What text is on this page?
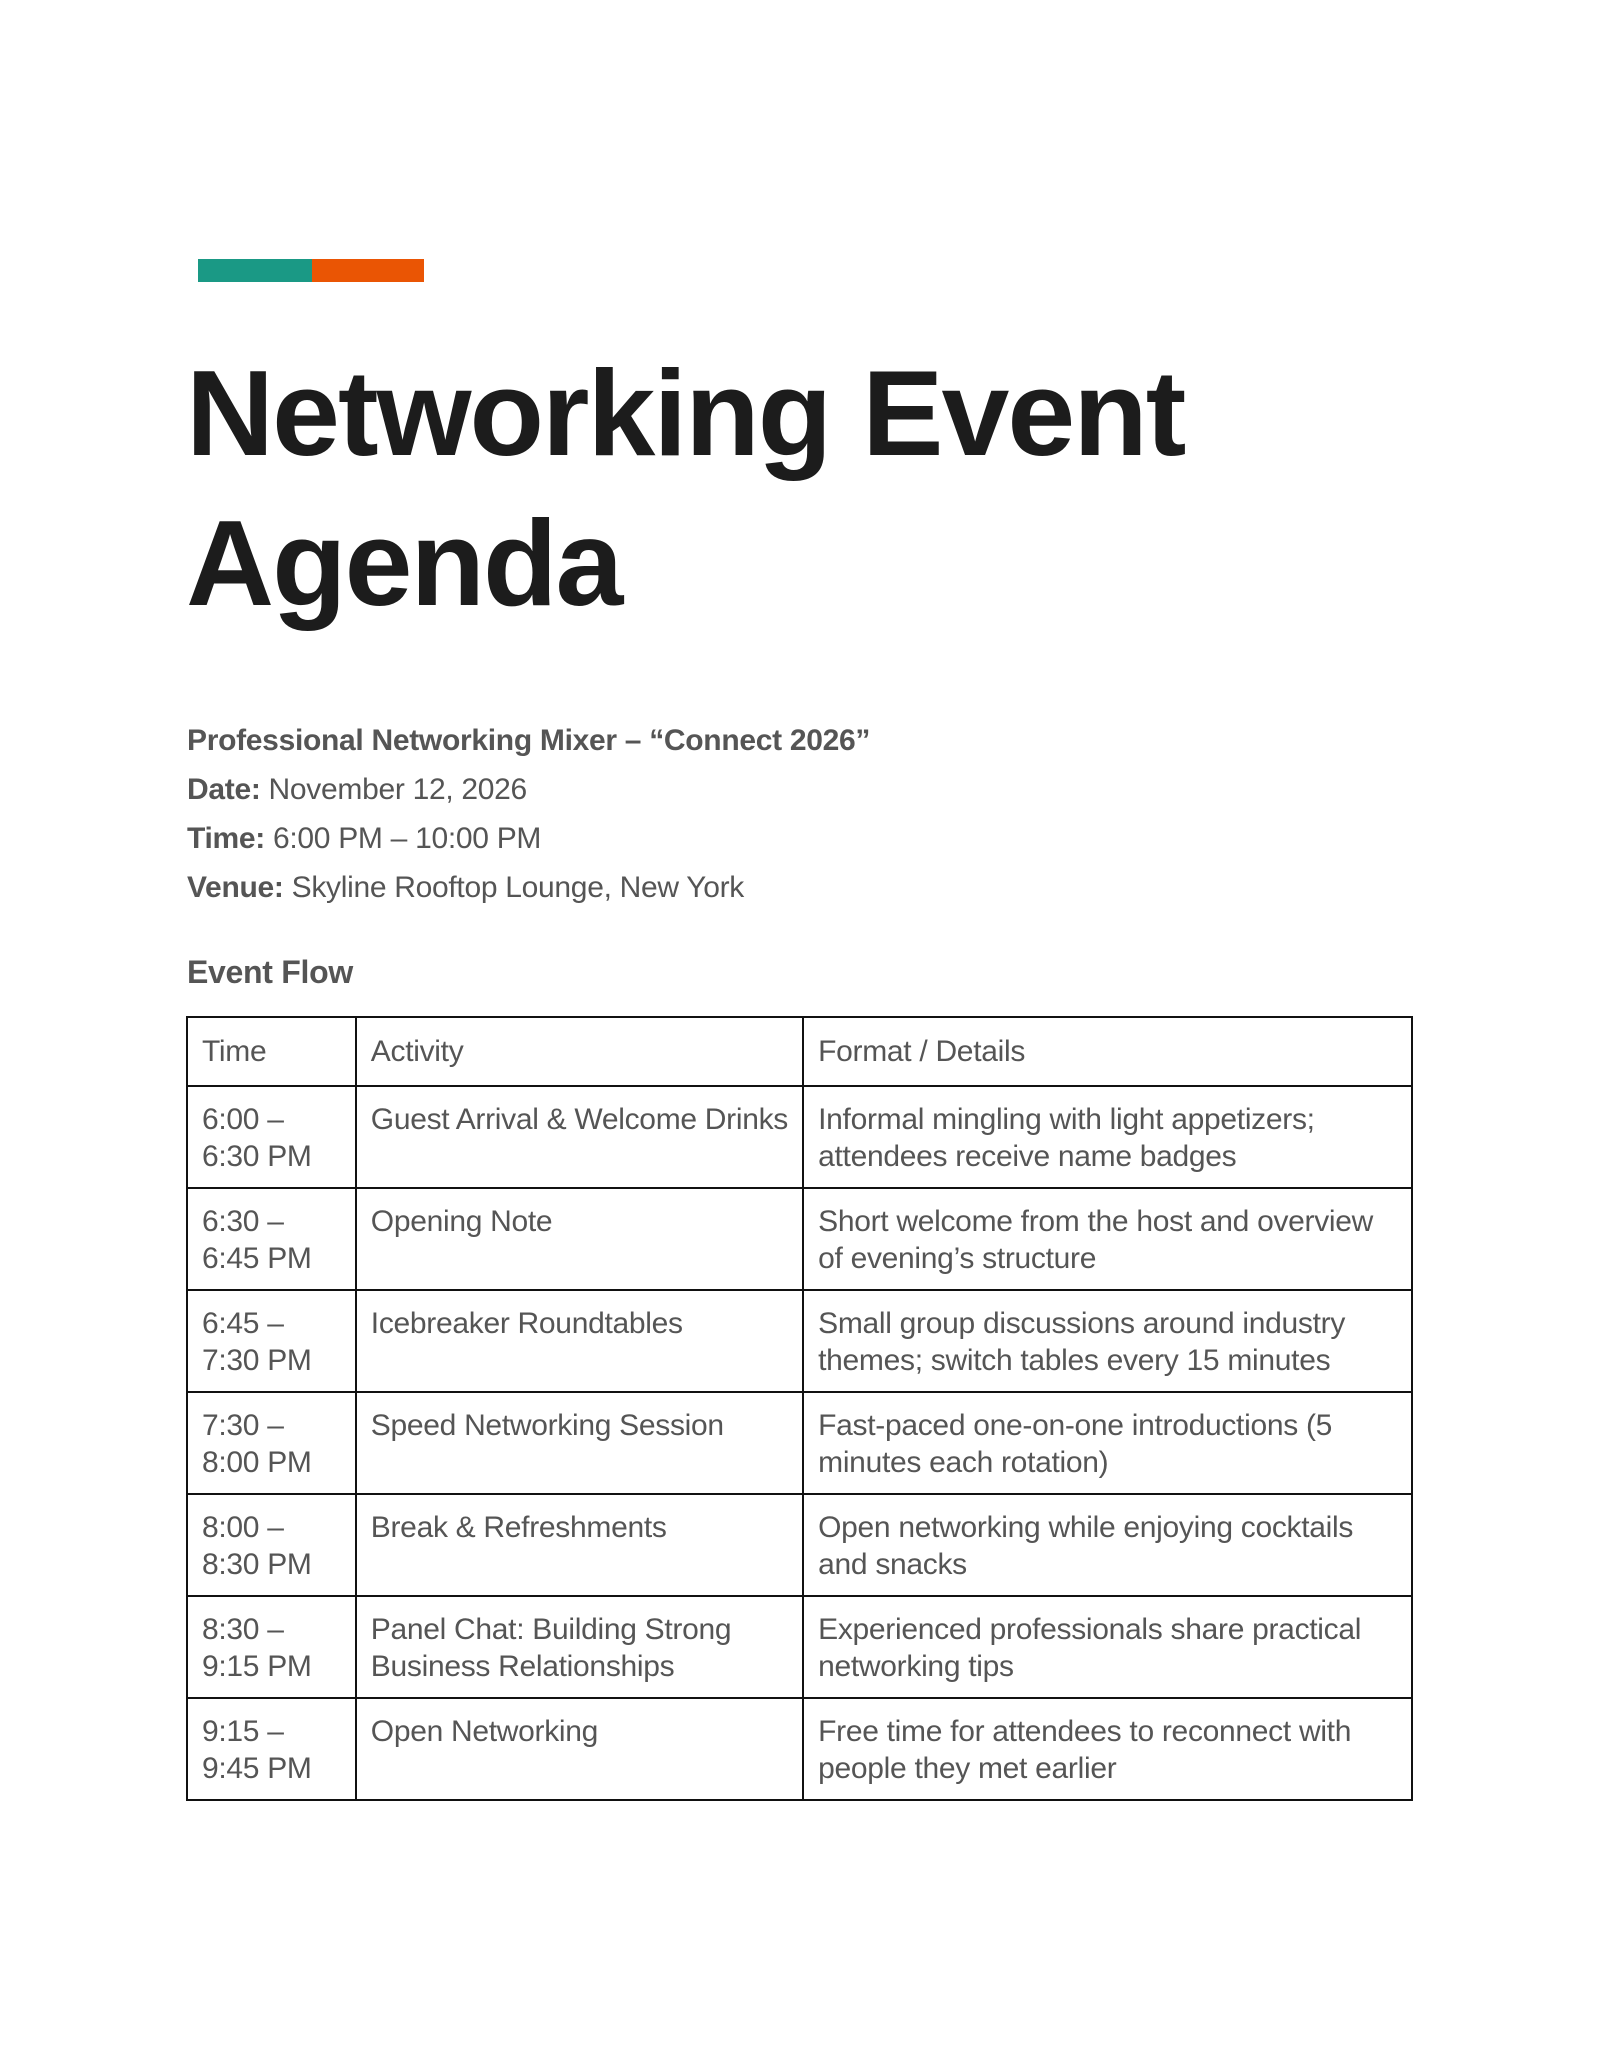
Networking Event
Agenda
Professional Networking Mixer – “Connect 2026”
Date: November 12, 2026
Time: 6:00 PM – 10:00 PM
Venue: Skyline Rooftop Lounge, New York
Event Flow
Time	Activity	Format / Details
6:00 –
6:30 PM	Guest Arrival & Welcome Drinks	Informal mingling with light appetizers; attendees receive name badges
6:30 –
6:45 PM	Opening Note	Short welcome from the host and overview of evening’s structure
6:45 –
7:30 PM	Icebreaker Roundtables	Small group discussions around industry themes; switch tables every 15 minutes
7:30 –
8:00 PM	Speed Networking Session	Fast-paced one-on-one introductions (5 minutes each rotation)
8:00 –
8:30 PM	Break & Refreshments	Open networking while enjoying cocktails and snacks
8:30 –
9:15 PM	Panel Chat: Building Strong Business Relationships	Experienced professionals share practical networking tips
9:15 –
9:45 PM	Open Networking	Free time for attendees to reconnect with people they met earlier
